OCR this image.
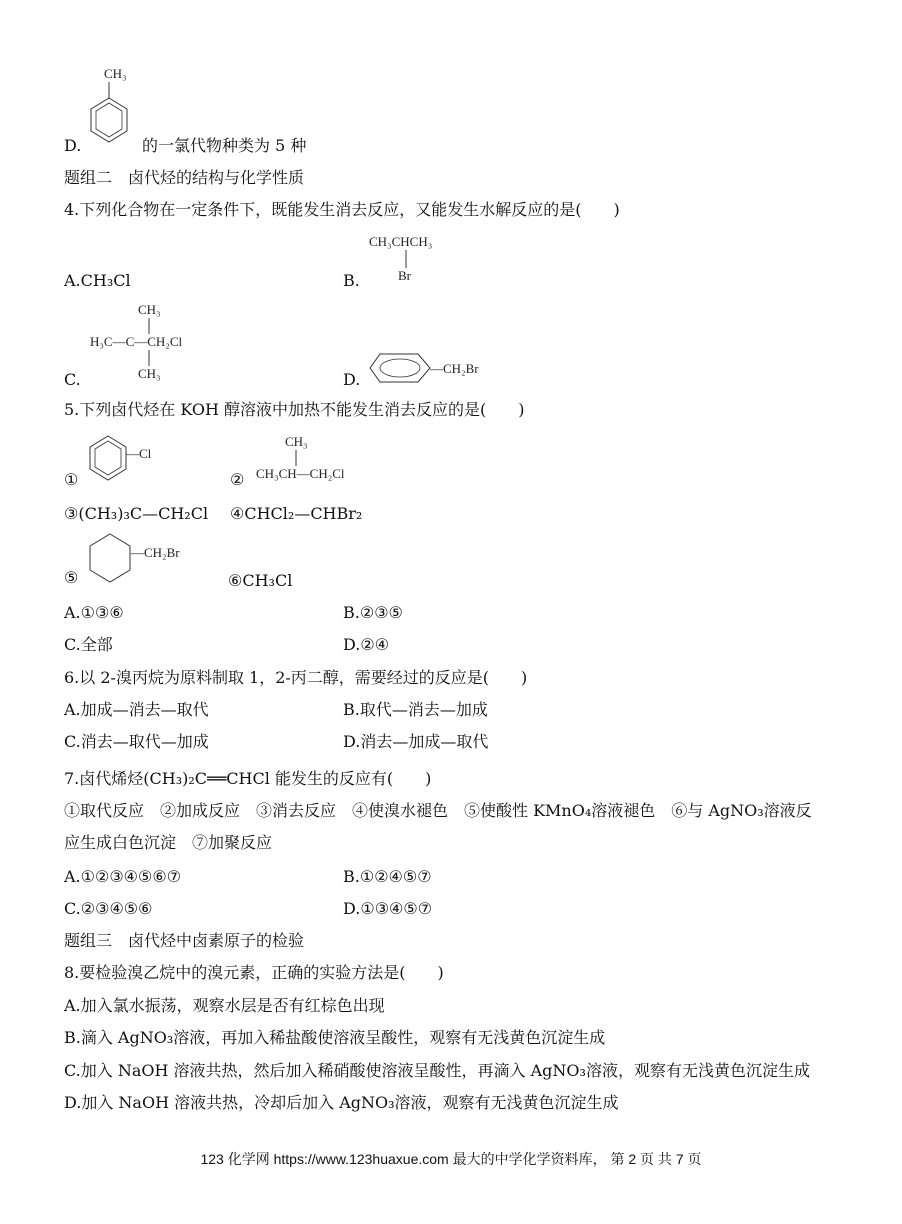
CH₃
D.	的一氯代物种类为 5 种
题组二　卤代烃的结构与化学性质
4.下列化合物在一定条件下，既能发生消去反应，又能发生水解反应的是(　　)
A.CH₃Cl	B.
CH₃CHCH₃
Br
CH₃
H₃C—C—CH₂Cl
CH₃
C.	D.
—CH₂Br
5.下列卤代烃在 KOH 醇溶液中加热不能发生消去反应的是(　　)
①
—Cl
②
CH₃
CH₃CH—CH₂Cl
③(CH₃)₃C—CH₂Cl ④CHCl₂—CHBr₂
—CH₂Br
⑤	⑥CH₃Cl
A.①③⑥	B.②③⑤
C.全部	D.②④
6.以 2-溴丙烷为原料制取 1，2-丙二醇，需要经过的反应是(　　)
A.加成—消去—取代	B.取代—消去—加成
C.消去—取代—加成	D.消去—加成—取代
7.卤代烯烃(CH₃)₂C══CHCl 能发生的反应有(　　)
①取代反应　②加成反应　③消去反应　④使溴水褪色　⑤使酸性 KMnO₄溶液褪色　⑥与 AgNO₃溶液反
应生成白色沉淀　⑦加聚反应
A.①②③④⑤⑥⑦	B.①②④⑤⑦
C.②③④⑤⑥	D.①③④⑤⑦
题组三　卤代烃中卤素原子的检验
8.要检验溴乙烷中的溴元素，正确的实验方法是(　　)
A.加入氯水振荡，观察水层是否有红棕色出现
B.滴入 AgNO₃溶液，再加入稀盐酸使溶液呈酸性，观察有无浅黄色沉淀生成
C.加入 NaOH 溶液共热，然后加入稀硝酸使溶液呈酸性，再滴入 AgNO₃溶液，观察有无浅黄色沉淀生成
D.加入 NaOH 溶液共热，冷却后加入 AgNO₃溶液，观察有无浅黄色沉淀生成
123 化学网 https://www.123huaxue.com 最大的中学化学资料库， 第 2 页 共 7 页
